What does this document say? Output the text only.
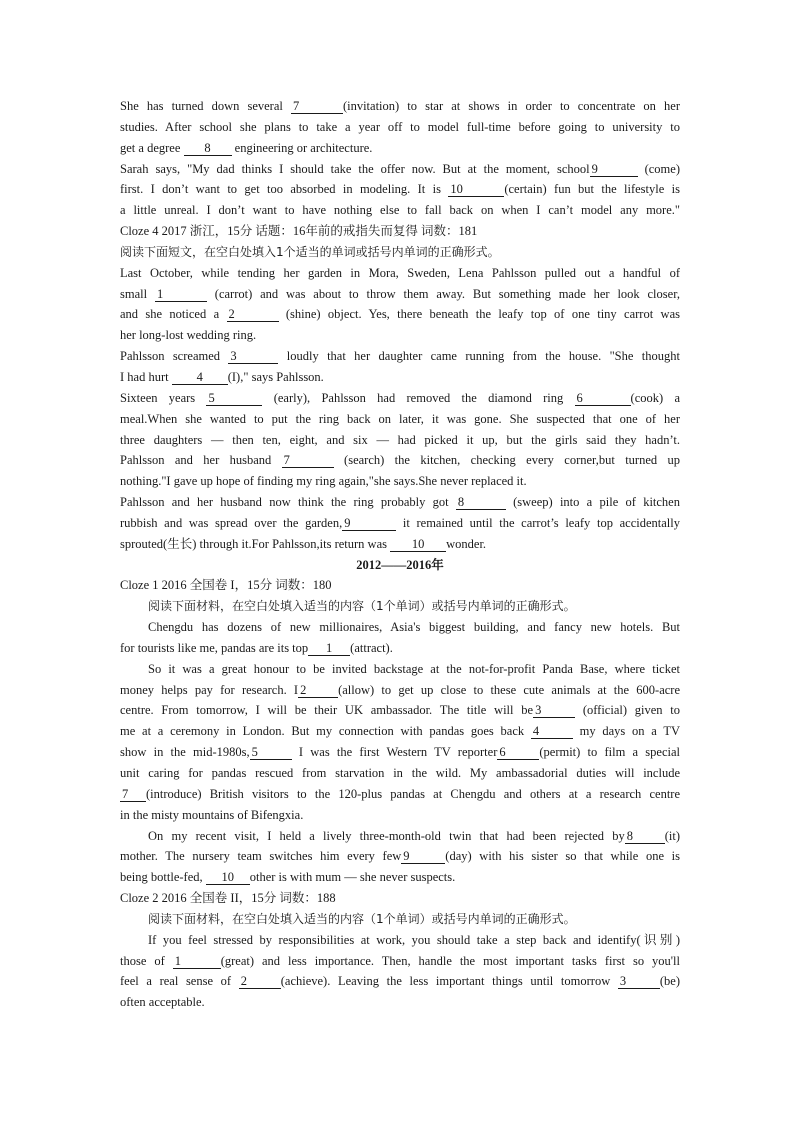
She has turned down several 7	(invitation) to star at shows in order to concentrate on her
studies. After school she plans to take a year off to model full-time before going to university to
get a degree 8 engineering or architecture.
Sarah says, "My dad thinks I should take the offer now. But at the moment, school 9	(come)
first. I don’t want to get too absorbed in modeling. It is 10	(certain) fun but the lifestyle is
a little unreal. I don’t want to have nothing else to fall back on when I can’t model any more."
Cloze 4 2017 浙江，15分 话题：16年前的戒指失而复得 词数：181
阅读下面短文，在空白处填入1个适当的单词或括号内单词的正确形式。
Last October, while tending her garden in Mora, Sweden, Lena Pahlsson pulled out a handful of
small 1	(carrot) and was about to throw them away. But something made her look closer,
and she noticed a 2	(shine) object. Yes, there beneath the leafy top of one tiny carrot was
her long-lost wedding ring.
Pahlsson screamed 3	loudly that her daughter came running from the house. "She thought
I had hurt 4 (I)," says Pahlsson.
Sixteen years 5	(early), Pahlsson had removed the diamond ring 6	(cook) a
meal.When she wanted to put the ring back on later, it was gone. She suspected that one of her
three daughters — then ten, eight, and six — had picked it up, but the girls said they hadn’t.
Pahlsson and her husband 7	(search) the kitchen, checking every corner,but turned up
nothing."I gave up hope of finding my ring again,"she says.She never replaced it.
Pahlsson and her husband now think the ring probably got 8	(sweep) into a pile of kitchen
rubbish and was spread over the garden, 9	it remained until the carrot’s leafy top accidentally
sprouted(生长) through it.For Pahlsson,its return was 10 wonder.
2012——2016年
Cloze 1 2016 全国卷 I，15分 词数：180
阅读下面材料，在空白处填入适当的内容（1个单词）或括号内单词的正确形式。
Chengdu has dozens of new millionaires, Asia's biggest building, and fancy new hotels. But
for tourists like me, pandas are its top 1 (attract).
So it was a great honour to be invited backstage at the not-for-profit Panda Base, where ticket
money helps pay for research. I 2	(allow) to get up close to these cute animals at the 600-acre
centre. From tomorrow, I will be their UK ambassador. The title will be 3	(official) given to
me at a ceremony in London. But my connection with pandas goes back 4	my days on a TV
show in the mid-1980s, 5	I was the first Western TV reporter 6	(permit) to film a special
unit caring for pandas rescued from starvation in the wild. My ambassadorial duties will include
7 (introduce) British visitors to the 120-plus pandas at Chengdu and others at a research centre
in the misty mountains of Bifengxia.
On my recent visit, I held a lively three-month-old twin that had been rejected by 8	(it)
mother. The nursery team switches him every few 9	(day) with his sister so that while one is
being bottle-fed, 10 other is with mum — she never suspects.
Cloze 2 2016 全国卷 II，15分 词数：188
阅读下面材料，在空白处填入适当的内容（1个单词）或括号内单词的正确形式。
If you feel stressed by responsibilities at work, you should take a step back and identify(识别)
those of 1	(great) and less importance. Then, handle the most important tasks first so you'll
feel a real sense of 2	(achieve). Leaving the less important things until tomorrow 3	(be)
often acceptable.
